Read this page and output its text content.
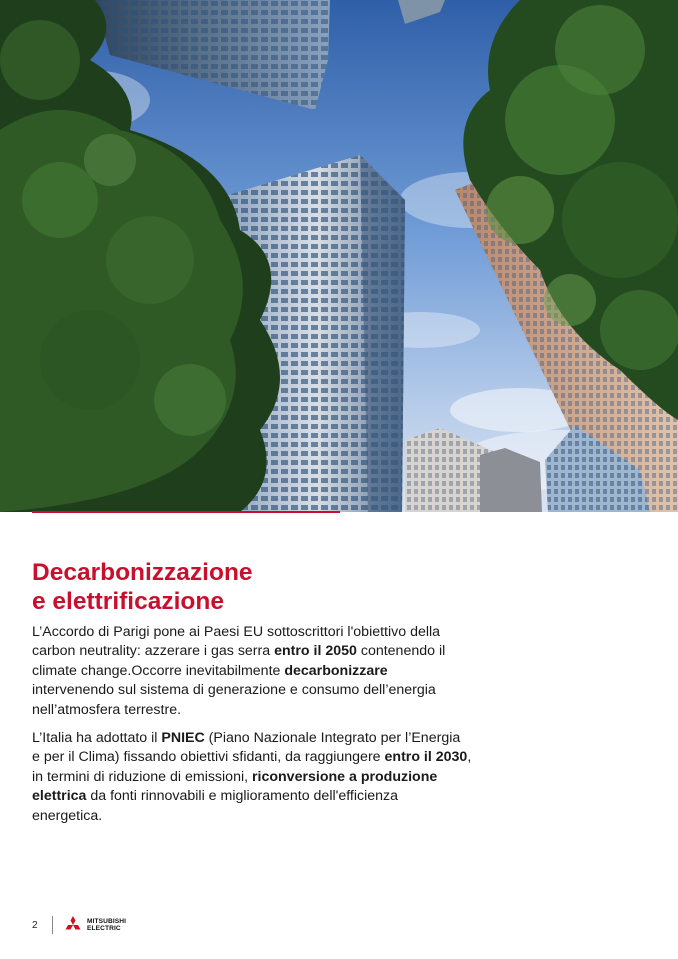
Decarbonizzazione
e elettrificazione

L’Accordo di Parigi pone ai Paesi EU sottoscrittori l'obiettivo della carbon neutrality: azzerare i gas serra entro il 2050 contenendo il climate change.Occorre inevitabilmente decarbonizzare intervenendo sul sistema di generazione e consumo dell’energia nell’atmosfera terrestre.

L’Italia ha adottato il PNIEC (Piano Nazionale Integrato per l’Energia e per il Clima) fissando obiettivi sfidanti, da raggiungere entro il 2030, in termini di riduzione di emissioni, riconversione a produzione elettrica da fonti rinnovabili e miglioramento dell'efficienza energetica.

2	MITSUBISHI
ELECTRIC
